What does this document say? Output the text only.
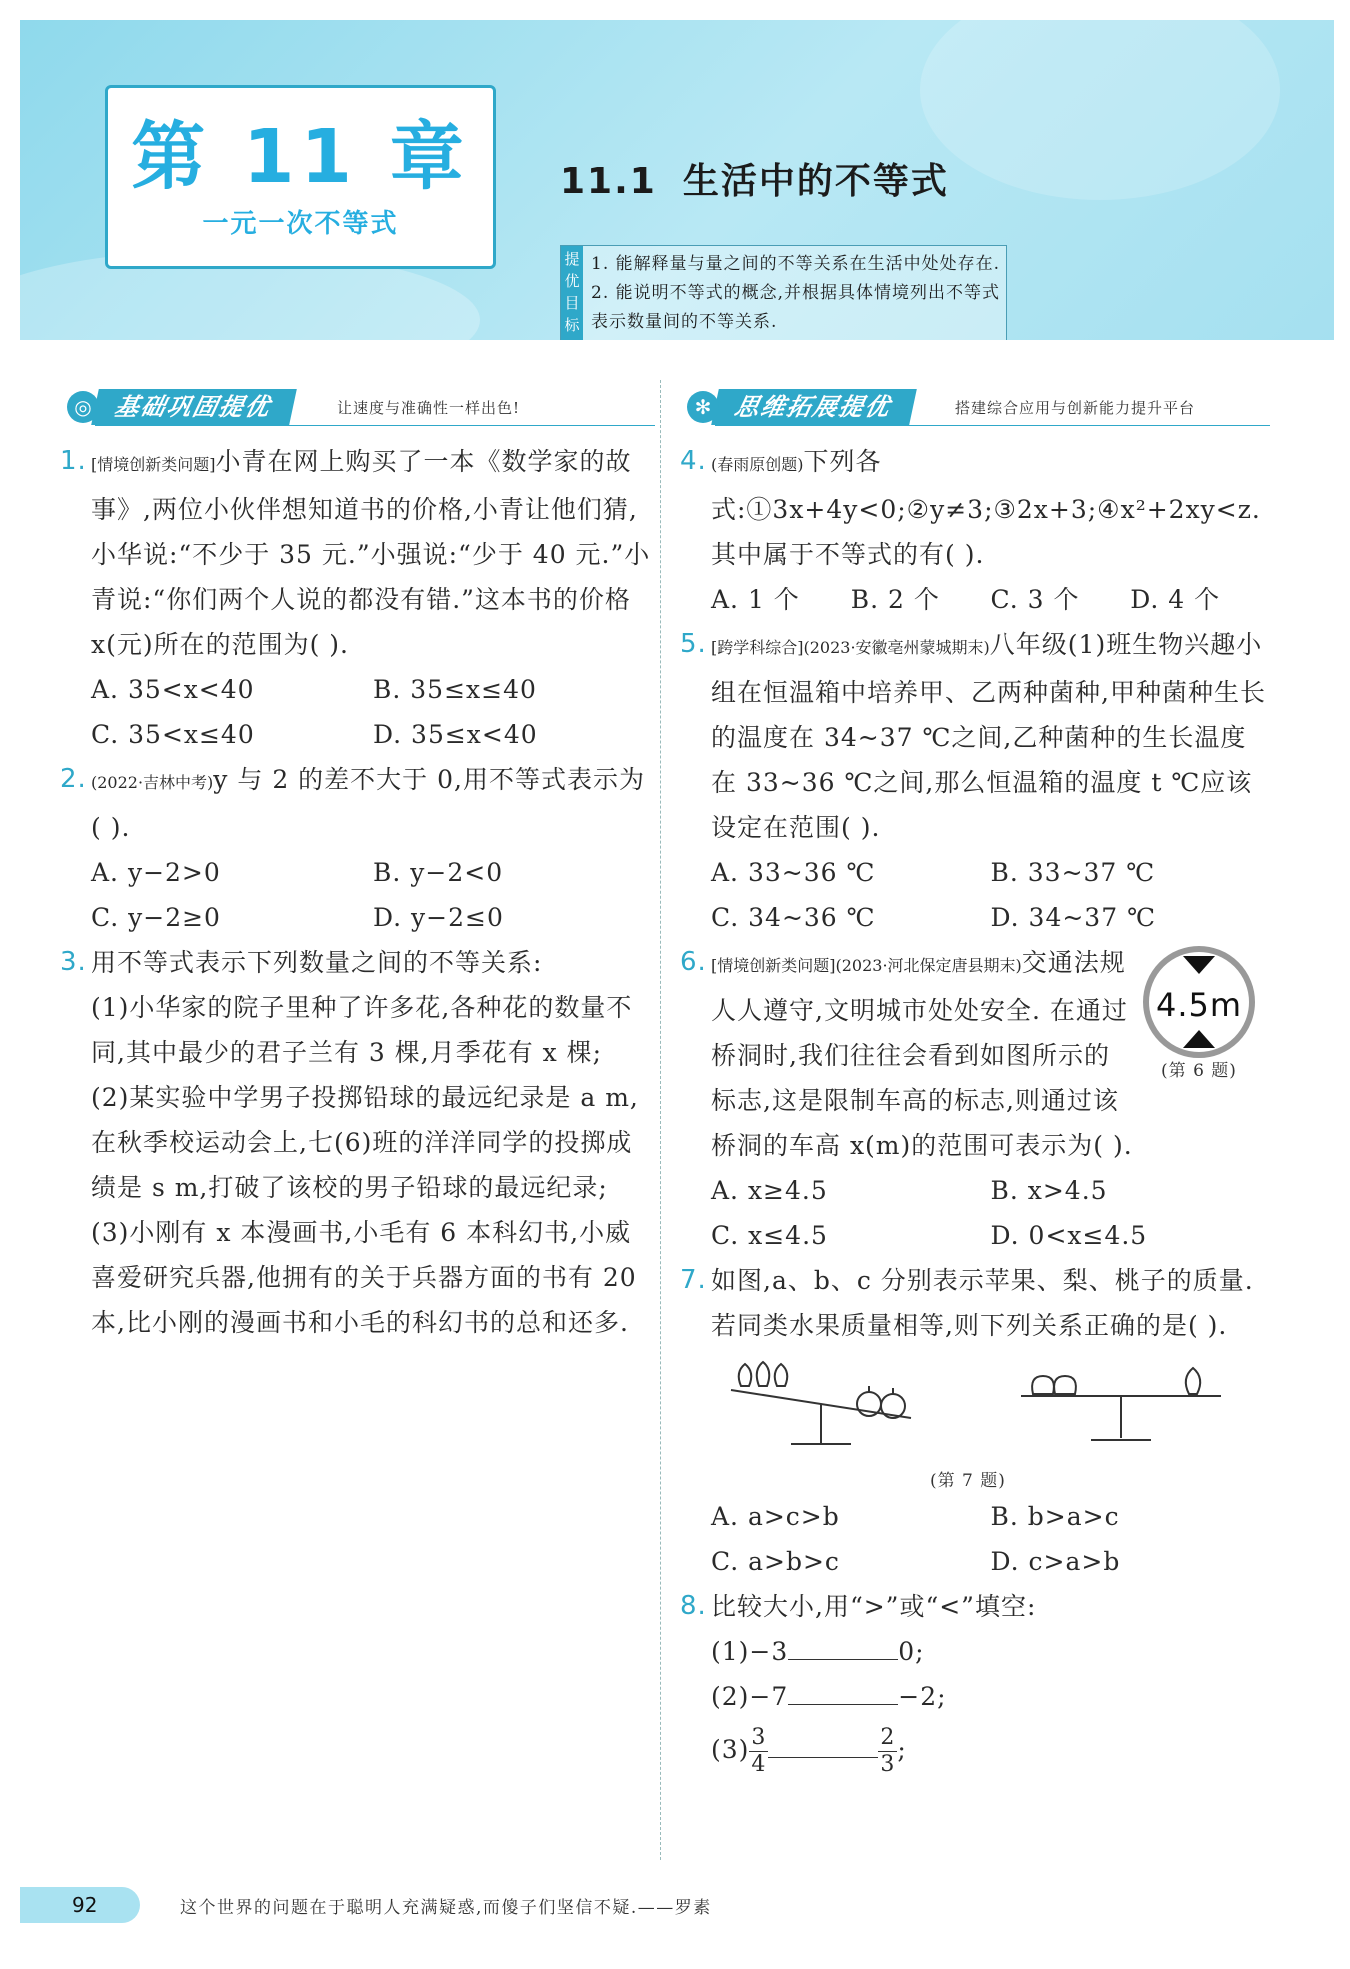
第 11 章
一元一次不等式
11.1 生活中的不等式
提优目标
1. 能解释量与量之间的不等关系在生活中处处存在. 2. 能说明不等式的概念,并根据具体情境列出不等式表示数量间的不等关系.
基础巩固提优
◎	让速度与准确性一样出色!
1. [情境创新类问题]小青在网上购买了一本《数学家的故事》,两位小伙伴想知道书的价格,小青让他们猜,小华说:“不少于 35 元.”小强说:“少于 40 元.”小青说:“你们两个人说的都没有错.”这本书的价格 x(元)所在的范围为( ).
A. 35<x<40	B. 35≤x≤40
C. 35<x≤40	D. 35≤x<40
2. (2022·吉林中考)y 与 2 的差不大于 0,用不等式表示为( ).
A. y−2>0	B. y−2<0
C. y−2≥0	D. y−2≤0
3. 用不等式表示下列数量之间的不等关系:
(1)小华家的院子里种了许多花,各种花的数量不同,其中最少的君子兰有 3 棵,月季花有 x 棵;
(2)某实验中学男子投掷铅球的最远纪录是 a m,在秋季校运动会上,七(6)班的洋洋同学的投掷成绩是 s m,打破了该校的男子铅球的最远纪录;
(3)小刚有 x 本漫画书,小毛有 6 本科幻书,小威喜爱研究兵器,他拥有的关于兵器方面的书有 20 本,比小刚的漫画书和小毛的科幻书的总和还多.
思维拓展提优
✻	搭建综合应用与创新能力提升平台
4. (春雨原创题)下列各式:①3x+4y<0;②y≠3;③2x+3;④x²+2xy<z. 其中属于不等式的有( ).
A. 1 个	B. 2 个	C. 3 个	D. 4 个
5. [跨学科综合](2023·安徽亳州蒙城期末)八年级(1)班生物兴趣小组在恒温箱中培养甲、乙两种菌种,甲种菌种生长的温度在 34~37 ℃之间,乙种菌种的生长温度在 33~36 ℃之间,那么恒温箱的温度 t ℃应该设定在范围( ).
A. 33~36 ℃	B. 33~37 ℃
C. 34~36 ℃	D. 34~37 ℃
6.
4.5m
(第 6 题)
[情境创新类问题](2023·河北保定唐县期末)交通法规人人遵守,文明城市处处安全. 在通过桥洞时,我们往往会看到如图所示的标志,这是限制车高的标志,则通过该桥洞的车高 x(m)的范围可表示为( ).
A. x≥4.5	B. x>4.5
C. x≤4.5	D. 0<x≤4.5
7. 如图,a、b、c 分别表示苹果、梨、桃子的质量. 若同类水果质量相等,则下列关系正确的是( ).
(第 7 题)
A. a>c>b	B. b>a>c
C. a>b>c	D. c>a>b
8. 比较大小,用“>”或“<”填空:
(1)−3	0;
(2)−7	−2;
$(3) \frac{3}{4}$	$\frac{2}{3}$ ;
92	这个世界的问题在于聪明人充满疑惑,而傻子们坚信不疑.——罗素
